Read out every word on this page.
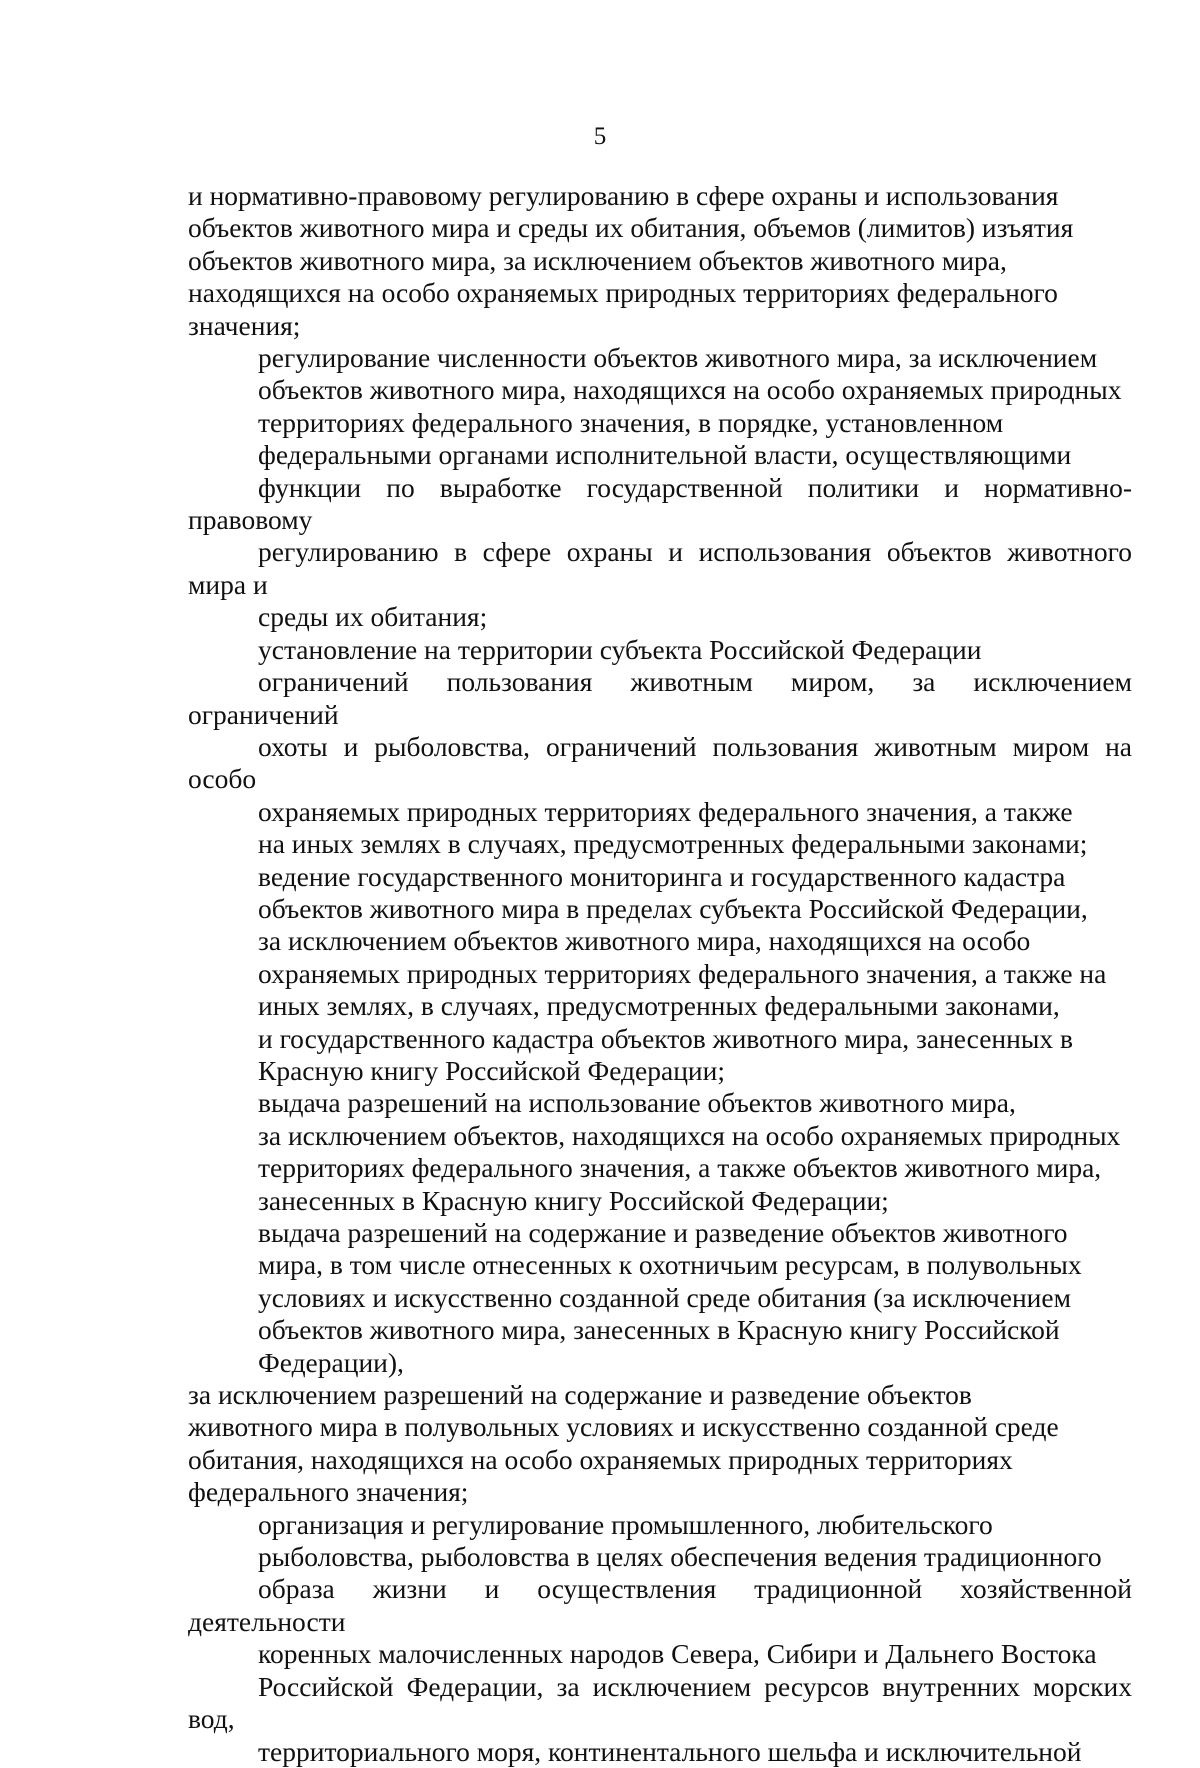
5

и нормативно-правовому регулированию в сфере охраны и использования
объектов животного мира и среды их обитания, объемов (лимитов) изъятия
объектов животного мира, за исключением объектов животного мира,
находящихся на особо охраняемых природных территориях федерального
значения;

регулирование численности объектов животного мира, за исключением
объектов животного мира, находящихся на особо охраняемых природных
территориях федерального значения, в порядке, установленном
федеральными органами исполнительной власти, осуществляющими
функции по выработке государственной политики и нормативно-правовому
регулированию в сфере охраны и использования объектов животного мира и
среды их обитания;

установление на территории субъекта Российской Федерации
ограничений пользования животным миром, за исключением ограничений
охоты и рыболовства, ограничений пользования животным миром на особо
охраняемых природных территориях федерального значения, а также
на иных землях в случаях, предусмотренных федеральными законами;

ведение государственного мониторинга и государственного кадастра
объектов животного мира в пределах субъекта Российской Федерации,
за исключением объектов животного мира, находящихся на особо
охраняемых природных территориях федерального значения, а также на
иных землях, в случаях, предусмотренных федеральными законами,
и государственного кадастра объектов животного мира, занесенных в
Красную книгу Российской Федерации;

выдача разрешений на использование объектов животного мира,
за исключением объектов, находящихся на особо охраняемых природных
территориях федерального значения, а также объектов животного мира,
занесенных в Красную книгу Российской Федерации;

выдача разрешений на содержание и разведение объектов животного
мира, в том числе отнесенных к охотничьим ресурсам, в полувольных
условиях и искусственно созданной среде обитания (за исключением
объектов животного мира, занесенных в Красную книгу Российской
Федерации),

за исключением разрешений на содержание и разведение объектов
животного мира в полувольных условиях и искусственно созданной среде
обитания, находящихся на особо охраняемых природных территориях
федерального значения;

организация и регулирование промышленного, любительского
рыболовства, рыболовства в целях обеспечения ведения традиционного
образа жизни и осуществления традиционной хозяйственной деятельности
коренных малочисленных народов Севера, Сибири и Дальнего Востока
Российской Федерации, за исключением ресурсов внутренних морских вод,
территориального моря, континентального шельфа и исключительной
